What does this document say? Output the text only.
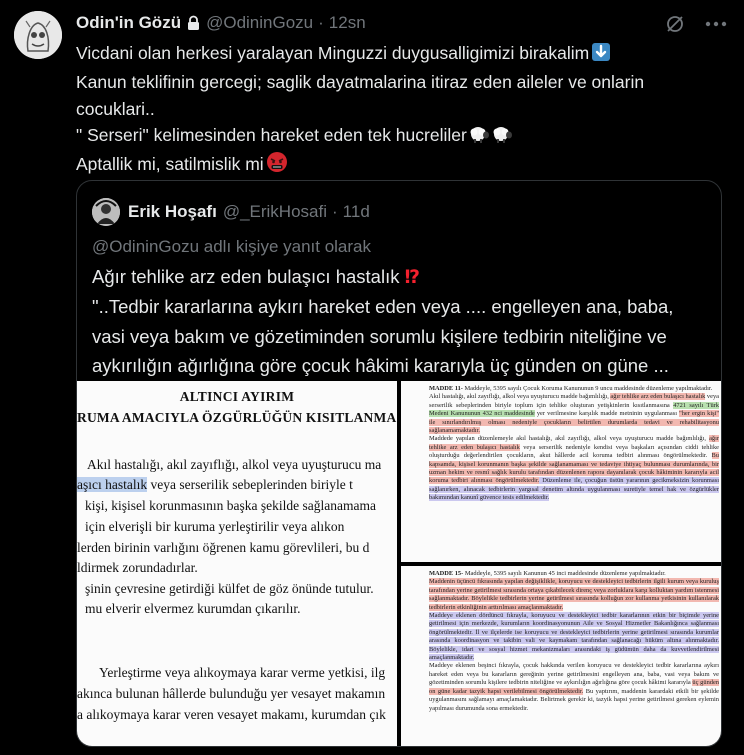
Odin'in Gözü @OdininGozu · 12sn
Vicdani olan herkesi yaralayan Minguzzi duygusalligimizi birakalim
Kanun teklifinin gercegi; saglik dayatmalarina itiraz eden aileler ve onlarin
cocuklari..
" Serseri" kelimesinden hareket eden tek hucreliler
Aptallik mi, satilmislik mi
Erik Hoşafı @_ErikHosafi · 11d
@OdininGozu adlı kişiye yanıt olarak
Ağır tehlike arz eden bulaşıcı hastalık ⁉
"..Tedbir kararlarına aykırı hareket eden veya .... engelleyen ana, baba,
vasi veya bakım ve gözetiminden sorumlu kişilere tedbirin niteliğine ve
aykırılığın ağırlığına göre çocuk hâkimi kararıyla üç günden on güne ...
ALTINCI AYIRIM
RUMA AMACIYLA ÖZGÜRLÜĞÜN KISITLANMA
Akıl hastalığı, akıl zayıflığı, alkol veya uyuşturucu ma
aşıcı hastalık veya serserilik sebeplerinden biriyle t
kişi, kişisel korunmasının başka şekilde sağlanamama
için elverişli bir kuruma yerleştirilir veya alıkon
lerden birinin varlığını öğrenen kamu görevlileri, bu d
ldirmek zorundadırlar.
şinin çevresine getirdiği külfet de göz önünde tutulur.
mu elverir elvermez kurumdan çıkarılır.
Yerleştirme veya alıkoymaya karar verme yetkisi, ilg
akınca bulunan hâllerde bulunduğu yer vesayet makamın
a alıkoymaya karar veren vesayet makamı, kurumdan çık
MADDE 11- Maddeyle, 5395 sayılı Çocuk Koruma Kanununun 9 uncu maddesinde düzenleme yapılmaktadır.
Akıl hastalığı, akıl zayıflığı, alkol veya uyuşturucu madde bağımlılığı, ağır tehlike arz eden bulaşıcı hastalık veya serserilik sebeplerinden biriyle toplum için tehlike oluşturan yetişkinlerin kısıtlanmasına 4721 sayılı Türk Medeni Kanununun 432 nci maddesinde yer verilmesine karşılık madde metninin uygulanması "her ergin kişi" ile sınırlandırılmış olması nedeniyle çocukların belirtilen durumlarda tedavi ve rehabilitasyonu sağlanamamaktadır.
Maddede yapılan düzenlemeyle akıl hastalığı, akıl zayıflığı, alkol veya uyuşturucu madde bağımlılığı, ağır tehlike arz eden bulaşıcı hastalık veya serserilik nedeniyle kendisi veya başkaları açısından ciddi tehlike oluşturduğu değerlendirilen çocukların, akut hâllerde acil koruma tedbiri alınması öngörülmektedir. Bu kapsamda, kişisel korunmanın başka şekilde sağlanamaması ve tedaviye ihtiyaç bulunması durumlarında, bir uzman hekim ve resmî sağlık kurulu tarafından düzenlenen rapora dayanılarak çocuk hâkiminin kararıyla acil koruma tedbiri alınması öngörülmektedir. Düzenleme ile, çocuğun üstün yararının gecikmeksizin korunması sağlanırken, alınacak tedbirlerin yargısal denetim altında uygulanması suretiyle temel hak ve özgürlükler bakımından kanunî güvence tesis edilmektedir.
MADDE 15- Maddeyle, 5395 sayılı Kanunun 45 inci maddesinde düzenleme yapılmaktadır.
Maddenin üçüncü fıkrasında yapılan değişiklikle, koruyucu ve destekleyici tedbirlerin ilgili kurum veya kuruluş tarafından yerine getirilmesi sırasında ortaya çıkabilecek direnç veya zorluklara karşı kolluktan yardım istenmesi sağlanmaktadır. Böylelikle tedbirlerin yerine getirilmesi sırasında kolluğun zor kullanma yetkisinin kullanılarak tedbirlerin etkinliğinin arttırılması amaçlanmaktadır.
Maddeye eklenen dördüncü fıkrayla, koruyucu ve destekleyici tedbir kararlarının etkin bir biçimde yerine getirilmesi için merkezde, kurumların koordinasyonunun Aile ve Sosyal Hizmetler Bakanlığınca sağlanması öngörülmektedir. İl ve ilçelerde ise koruyucu ve destekleyici tedbirlerin yerine getirilmesi sırasında kurumlar arasında koordinasyon ve takibin vali ve kaymakam tarafından sağlanacağı hüküm altına alınmaktadır. Böylelikle, idari ve sosyal hizmet mekanizmaları arasındaki iş güdümün daha da kuvvetlendirilmesi amaçlanmaktadır.
Maddeye eklenen beşinci fıkrayla, çocuk hakkında verilen koruyucu ve destekleyici tedbir kararlarına aykırı hareket eden veya bu kararların gereğinin yerine getirilmesini engelleyen ana, baba, vasi veya bakım ve gözetiminden sorumlu kişilere tedbirin niteliğine ve aykırılığın ağırlığına göre çocuk hâkimi kararıyla üç günden on güne kadar tazyik hapsi verilebilmesi öngörülmektedir. Bu yaptırım, maddenin karardaki etkili bir şekilde uygulanmasını sağlamayı amaçlamaktadır. Belirtmek gerekir ki, tazyik hapsi yerine getirilmesi gereken eylemin yapılması durumunda sona ermektedir.
